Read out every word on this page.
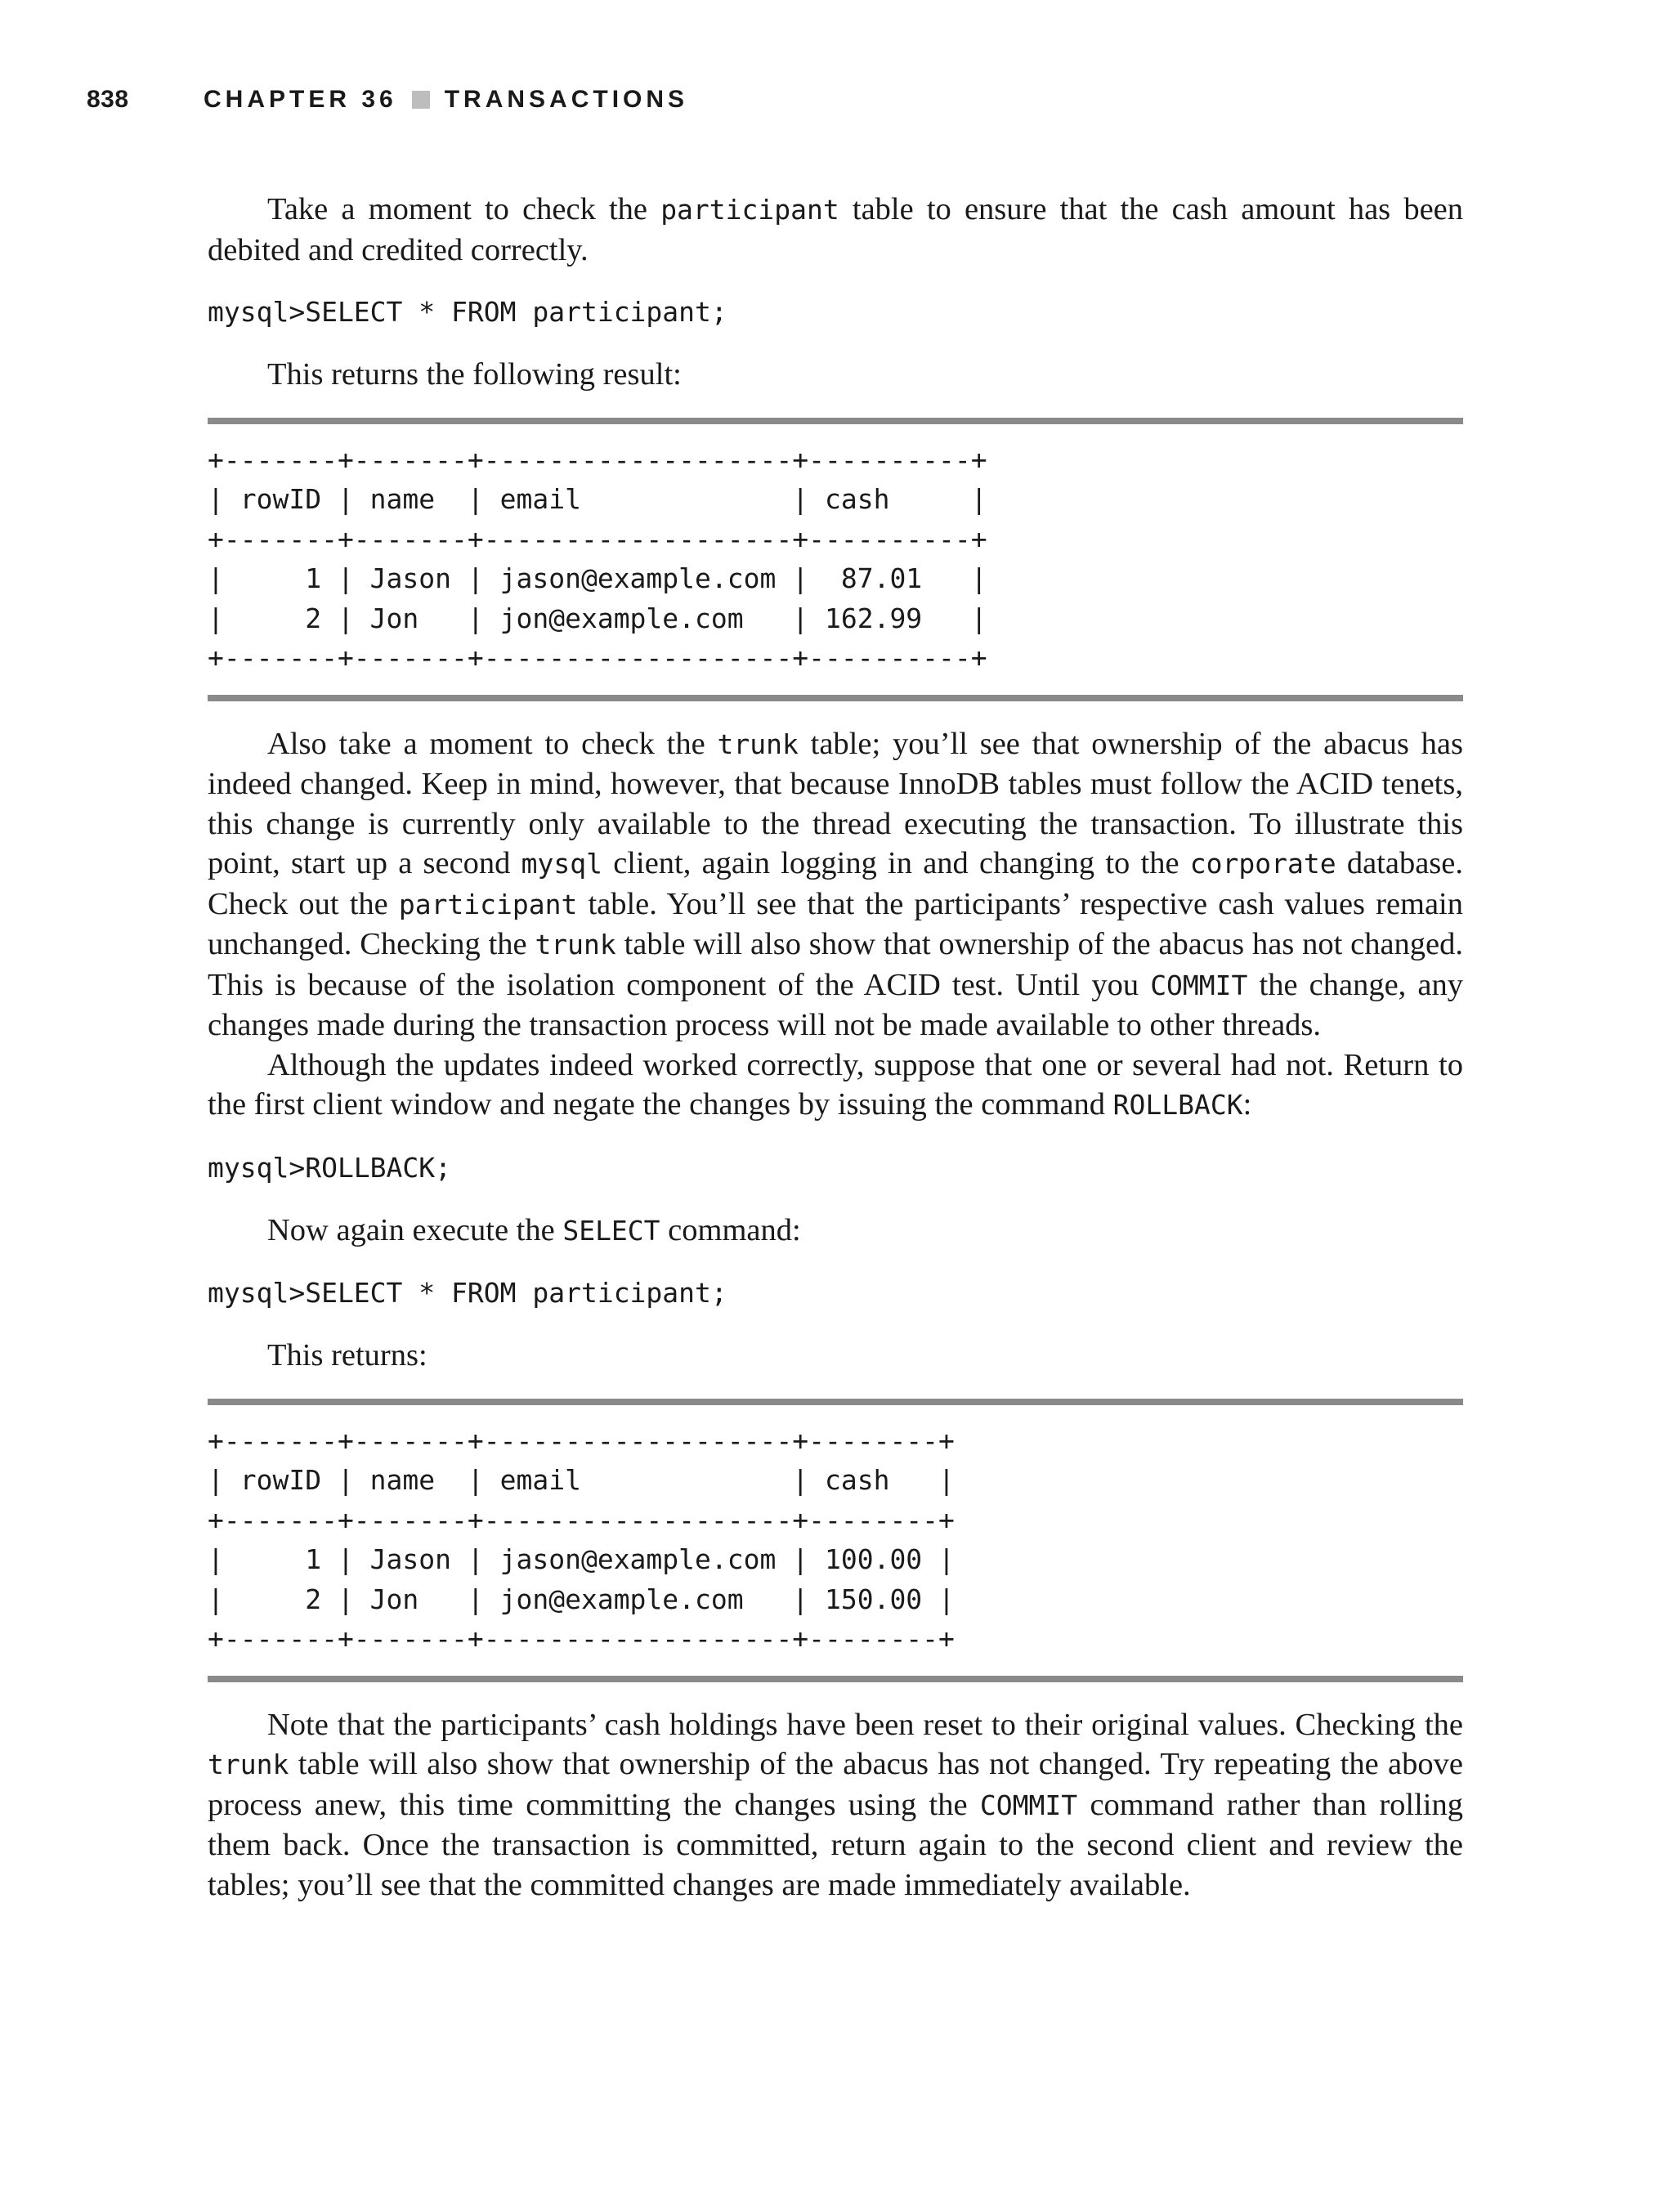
838	CHAPTER 36 TRANSACTIONS

Take a moment to check the participant table to ensure that the cash amount has been debited and credited correctly.

mysql>SELECT * FROM participant;

This returns the following result:

+-------+-------+-------------------+----------+
| rowID | name  | email             | cash     |
+-------+-------+-------------------+----------+
|     1 | Jason | jason@example.com |  87.01   |
|     2 | Jon   | jon@example.com   | 162.99   |
+-------+-------+-------------------+----------+

Also take a moment to check the trunk table; you’ll see that ownership of the abacus has indeed changed. Keep in mind, however, that because InnoDB tables must follow the ACID tenets, this change is currently only available to the thread executing the transaction. To illustrate this point, start up a second mysql client, again logging in and changing to the corporate database. Check out the participant table. You’ll see that the participants’ respective cash values remain unchanged. Checking the trunk table will also show that ownership of the abacus has not changed. This is because of the isolation component of the ACID test. Until you COMMIT the change, any changes made during the transaction process will not be made available to other threads.

Although the updates indeed worked correctly, suppose that one or several had not. Return to the first client window and negate the changes by issuing the command ROLLBACK:

mysql>ROLLBACK;

Now again execute the SELECT command:

mysql>SELECT * FROM participant;

This returns:

+-------+-------+-------------------+--------+
| rowID | name  | email             | cash   |
+-------+-------+-------------------+--------+
|     1 | Jason | jason@example.com | 100.00 |
|     2 | Jon   | jon@example.com   | 150.00 |
+-------+-------+-------------------+--------+

Note that the participants’ cash holdings have been reset to their original values. Checking the trunk table will also show that ownership of the abacus has not changed. Try repeating the above process anew, this time committing the changes using the COMMIT command rather than rolling them back. Once the transaction is committed, return again to the second client and review the tables; you’ll see that the committed changes are made immediately available.
